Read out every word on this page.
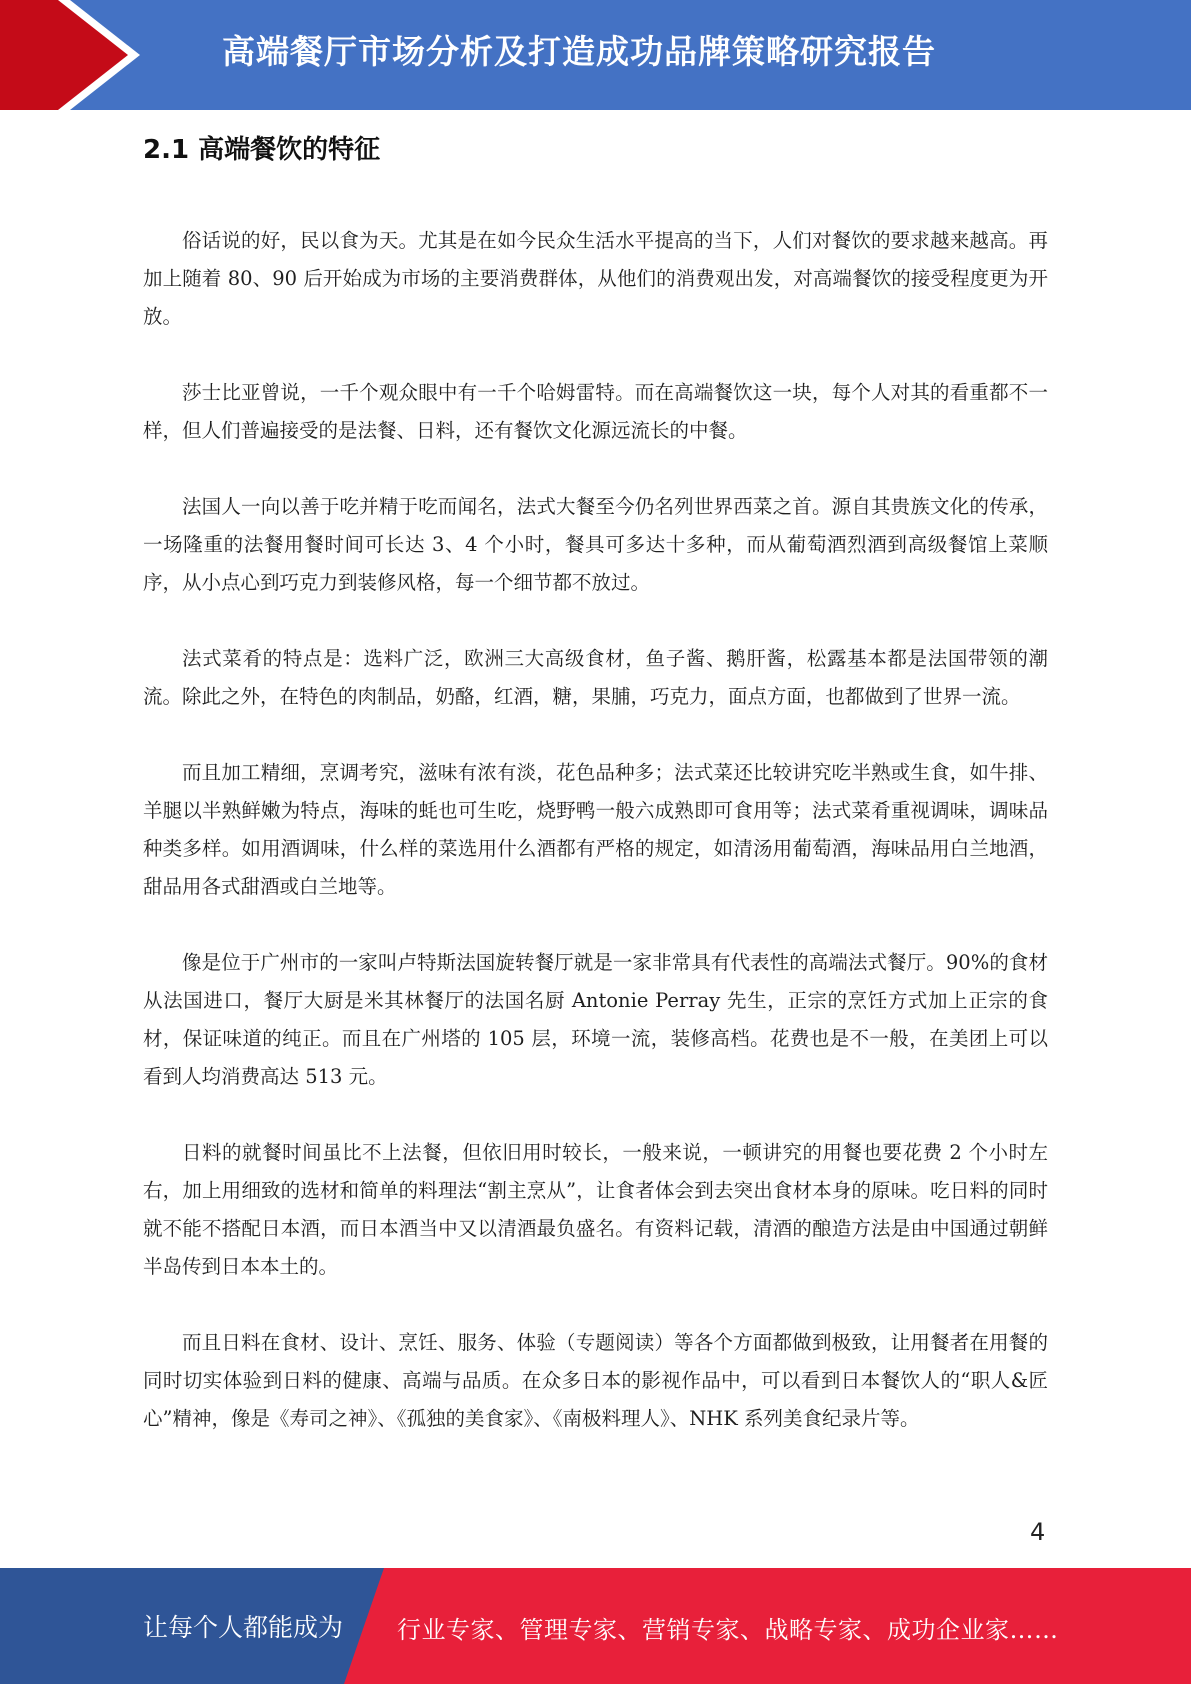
高端餐厅市场分析及打造成功品牌策略研究报告
2.1 高端餐饮的特征

俗话说的好，民以食为天。尤其是在如今民众生活水平提高的当下，人们对餐饮的要求越来越高。再加上随着 80、90 后开始成为市场的主要消费群体，从他们的消费观出发，对高端餐饮的接受程度更为开放。

莎士比亚曾说，一千个观众眼中有一千个哈姆雷特。而在高端餐饮这一块，每个人对其的看重都不一样，但人们普遍接受的是法餐、日料，还有餐饮文化源远流长的中餐。

法国人一向以善于吃并精于吃而闻名，法式大餐至今仍名列世界西菜之首。源自其贵族文化的传承，一场隆重的法餐用餐时间可长达 3、4 个小时，餐具可多达十多种，而从葡萄酒烈酒到高级餐馆上菜顺序，从小点心到巧克力到装修风格，每一个细节都不放过。

法式菜肴的特点是：选料广泛，欧洲三大高级食材，鱼子酱、鹅肝酱，松露基本都是法国带领的潮流。除此之外，在特色的肉制品，奶酪，红酒，糖，果脯，巧克力，面点方面，也都做到了世界一流。

而且加工精细，烹调考究，滋味有浓有淡，花色品种多；法式菜还比较讲究吃半熟或生食，如牛排、羊腿以半熟鲜嫩为特点，海味的蚝也可生吃，烧野鸭一般六成熟即可食用等；法式菜肴重视调味，调味品种类多样。如用酒调味，什么样的菜选用什么酒都有严格的规定，如清汤用葡萄酒，海味品用白兰地酒，甜品用各式甜酒或白兰地等。

像是位于广州市的一家叫卢特斯法国旋转餐厅就是一家非常具有代表性的高端法式餐厅。90%的食材从法国进口，餐厅大厨是米其林餐厅的法国名厨 Antonie Perray 先生，正宗的烹饪方式加上正宗的食材，保证味道的纯正。而且在广州塔的 105 层，环境一流，装修高档。花费也是不一般，在美团上可以看到人均消费高达 513 元。

日料的就餐时间虽比不上法餐，但依旧用时较长，一般来说，一顿讲究的用餐也要花费 2 个小时左右，加上用细致的选材和简单的料理法“割主烹从”，让食者体会到去突出食材本身的原味。吃日料的同时就不能不搭配日本酒，而日本酒当中又以清酒最负盛名。有资料记载，清酒的酿造方法是由中国通过朝鲜半岛传到日本本土的。

而且日料在食材、设计、烹饪、服务、体验（专题阅读）等各个方面都做到极致，让用餐者在用餐的同时切实体验到日料的健康、高端与品质。在众多日本的影视作品中，可以看到日本餐饮人的“职人&匠心”精神，像是《寿司之神》、《孤独的美食家》、《南极料理人》、NHK 系列美食纪录片等。

4
让每个人都能成为 行业专家、管理专家、营销专家、战略专家、成功企业家……
